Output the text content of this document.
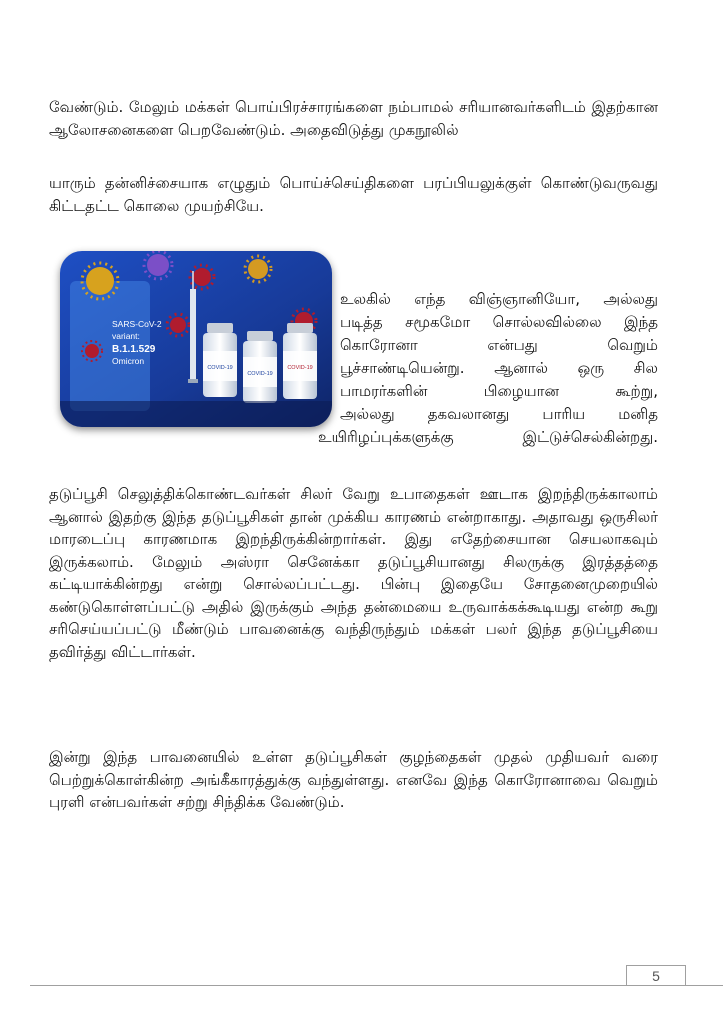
வேண்டும். மேலும் மக்கள் பொய்பிரச்சாரங்களை நம்பாமல் சரியானவர்களிடம் இதற்கான ஆலோசனைகளை பெறவேண்டும். அதைவிடுத்து முகநூலில்

யாரும் தன்னிச்சையாக எழுதும் பொய்ச்செய்திகளை பரப்பியலுக்குள் கொண்டுவருவது கிட்டதட்ட கொலை முயற்சியே.

SARS-CoV-2
variant:
B.1.1.529
Omicron
COVID-19
COVID-19
COVID-19
உலகில் எந்த விஞ்ஞானியோ, அல்லது
படித்த சமூகமோ சொல்லவில்லை இந்த
கொரோனா என்பது வெறும்
பூச்சாண்டியென்று. ஆனால் ஒரு சில
பாமரர்களின் பிழையான கூற்று,
அல்லது தகவலானது பாரிய மனித
உயிரிழப்புக்களுக்கு இட்டுச்செல்கின்றது.

தடுப்பூசி செலுத்திக்கொண்டவர்கள் சிலர் வேறு உபாதைகள் ஊடாக இறந்திருக்காலாம் ஆனால் இதற்கு இந்த தடுப்பூசிகள் தான் முக்கிய காரணம் என்றாகாது. அதாவது ஒருசிலர் மாரடைப்பு காரணமாக இறந்திருக்கின்றார்கள். இது எதேற்சையான செயலாகவும் இருக்கலாம். மேலும் அஸ்ரா செனேக்கா தடுப்பூசியானது சிலருக்கு இரத்தத்தை கட்டியாக்கின்றது என்று சொல்லப்பட்டது. பின்பு இதையே சோதனைமுறையில் கண்டுகொள்ளப்பட்டு அதில் இருக்கும் அந்த தன்மையை உருவாக்கக்கூடியது என்ற கூறு சரிசெய்யப்பட்டு மீண்டும் பாவனைக்கு வந்திருந்தும் மக்கள் பலர் இந்த தடுப்பூசியை தவிர்த்து விட்டார்கள்.

இன்று இந்த பாவனையில் உள்ள தடுப்பூசிகள் குழந்தைகள் முதல் முதியவர் வரை பெற்றுக்கொள்கின்ற அங்கீகாரத்துக்கு வந்துள்ளது. எனவே இந்த கொரோனாவை வெறும் புரளி என்பவர்கள் சற்று சிந்திக்க வேண்டும்.

5
